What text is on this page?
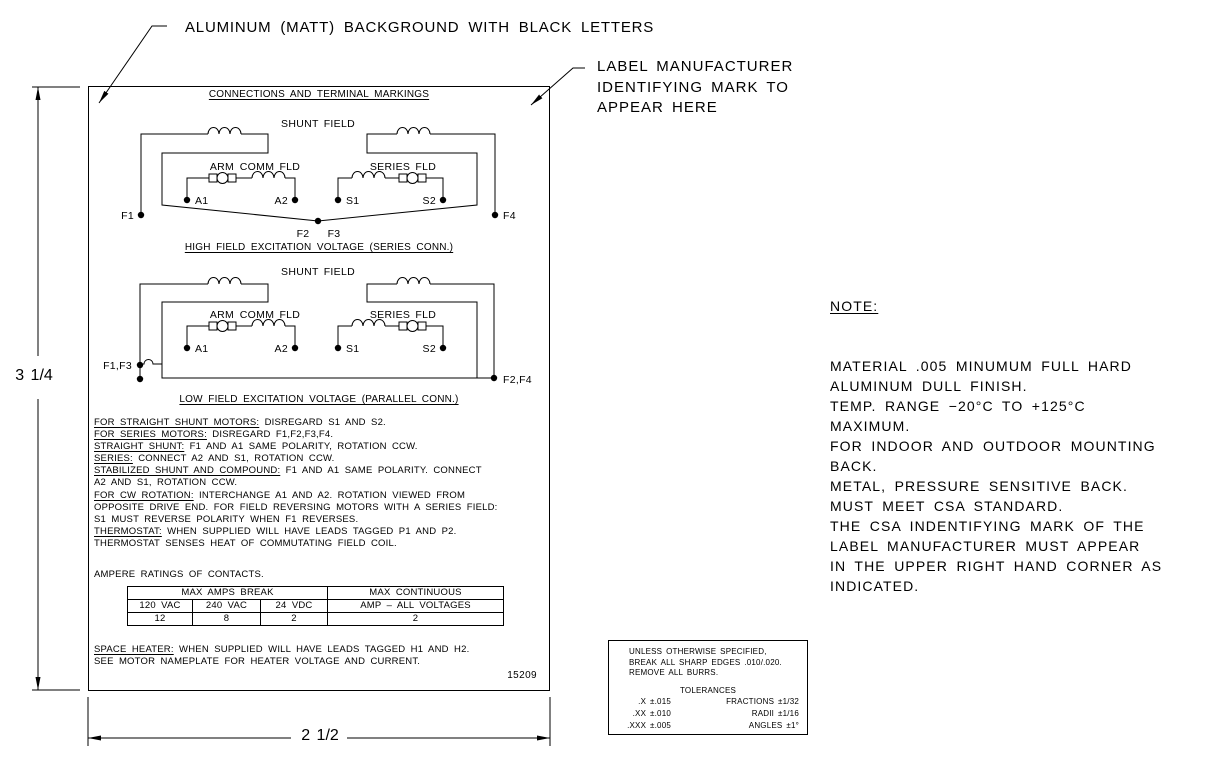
SHUNT FIELD
ARM COMM FLD	SERIES FLD
F1	F4
F2 F3
A1	A2	S1	S2
SHUNT FIELD
ARM COMM FLD	SERIES FLD
F1,F3
F2,F4
A1	A2	S1	S2
ALUMINUM (MATT) BACKGROUND WITH BLACK LETTERS
LABEL MANUFACTURER
IDENTIFYING MARK TO
APPEAR HERE
3 1/4
2 1/2
CONNECTIONS AND TERMINAL MARKINGS
HIGH FIELD EXCITATION VOLTAGE (SERIES CONN.)
LOW FIELD EXCITATION VOLTAGE (PARALLEL CONN.)
FOR STRAIGHT SHUNT MOTORS: DISREGARD S1 AND S2.
FOR SERIES MOTORS: DISREGARD F1,F2,F3,F4.
STRAIGHT SHUNT: F1 AND A1 SAME POLARITY, ROTATION CCW.
SERIES: CONNECT A2 AND S1, ROTATION CCW.
STABILIZED SHUNT AND COMPOUND: F1 AND A1 SAME POLARITY. CONNECT
A2 AND S1, ROTATION CCW.
FOR CW ROTATION: INTERCHANGE A1 AND A2. ROTATION VIEWED FROM
OPPOSITE DRIVE END. FOR FIELD REVERSING MOTORS WITH A SERIES FIELD:
S1 MUST REVERSE POLARITY WHEN F1 REVERSES.
THERMOSTAT: WHEN SUPPLIED WILL HAVE LEADS TAGGED P1 AND P2.
THERMOSTAT SENSES HEAT OF COMMUTATING FIELD COIL.
AMPERE RATINGS OF CONTACTS.
MAX AMPS BREAK			MAX CONTINUOUS
120 VAC	240 VAC	24 VDC	AMP – ALL VOLTAGES
12	8	2	2
SPACE HEATER: WHEN SUPPLIED WILL HAVE LEADS TAGGED H1 AND H2.
SEE MOTOR NAMEPLATE FOR HEATER VOLTAGE AND CURRENT.
15209

NOTE:

MATERIAL .005 MINUMUM FULL HARD
ALUMINUM DULL FINISH.
TEMP. RANGE −20°C TO +125°C
MAXIMUM.
FOR INDOOR AND OUTDOOR MOUNTING
BACK.
METAL, PRESSURE SENSITIVE BACK.
MUST MEET CSA STANDARD.
THE CSA INDENTIFYING MARK OF THE
LABEL MANUFACTURER MUST APPEAR
IN THE UPPER RIGHT HAND CORNER AS
INDICATED.

UNLESS OTHERWISE SPECIFIED,
BREAK ALL SHARP EDGES .010/.020.
REMOVE ALL BURRS.
TOLERANCES
.X ±.015	FRACTIONS ±1/32
.XX ±.010	RADII ±1/16
.XXX ±.005	ANGLES ±1°
